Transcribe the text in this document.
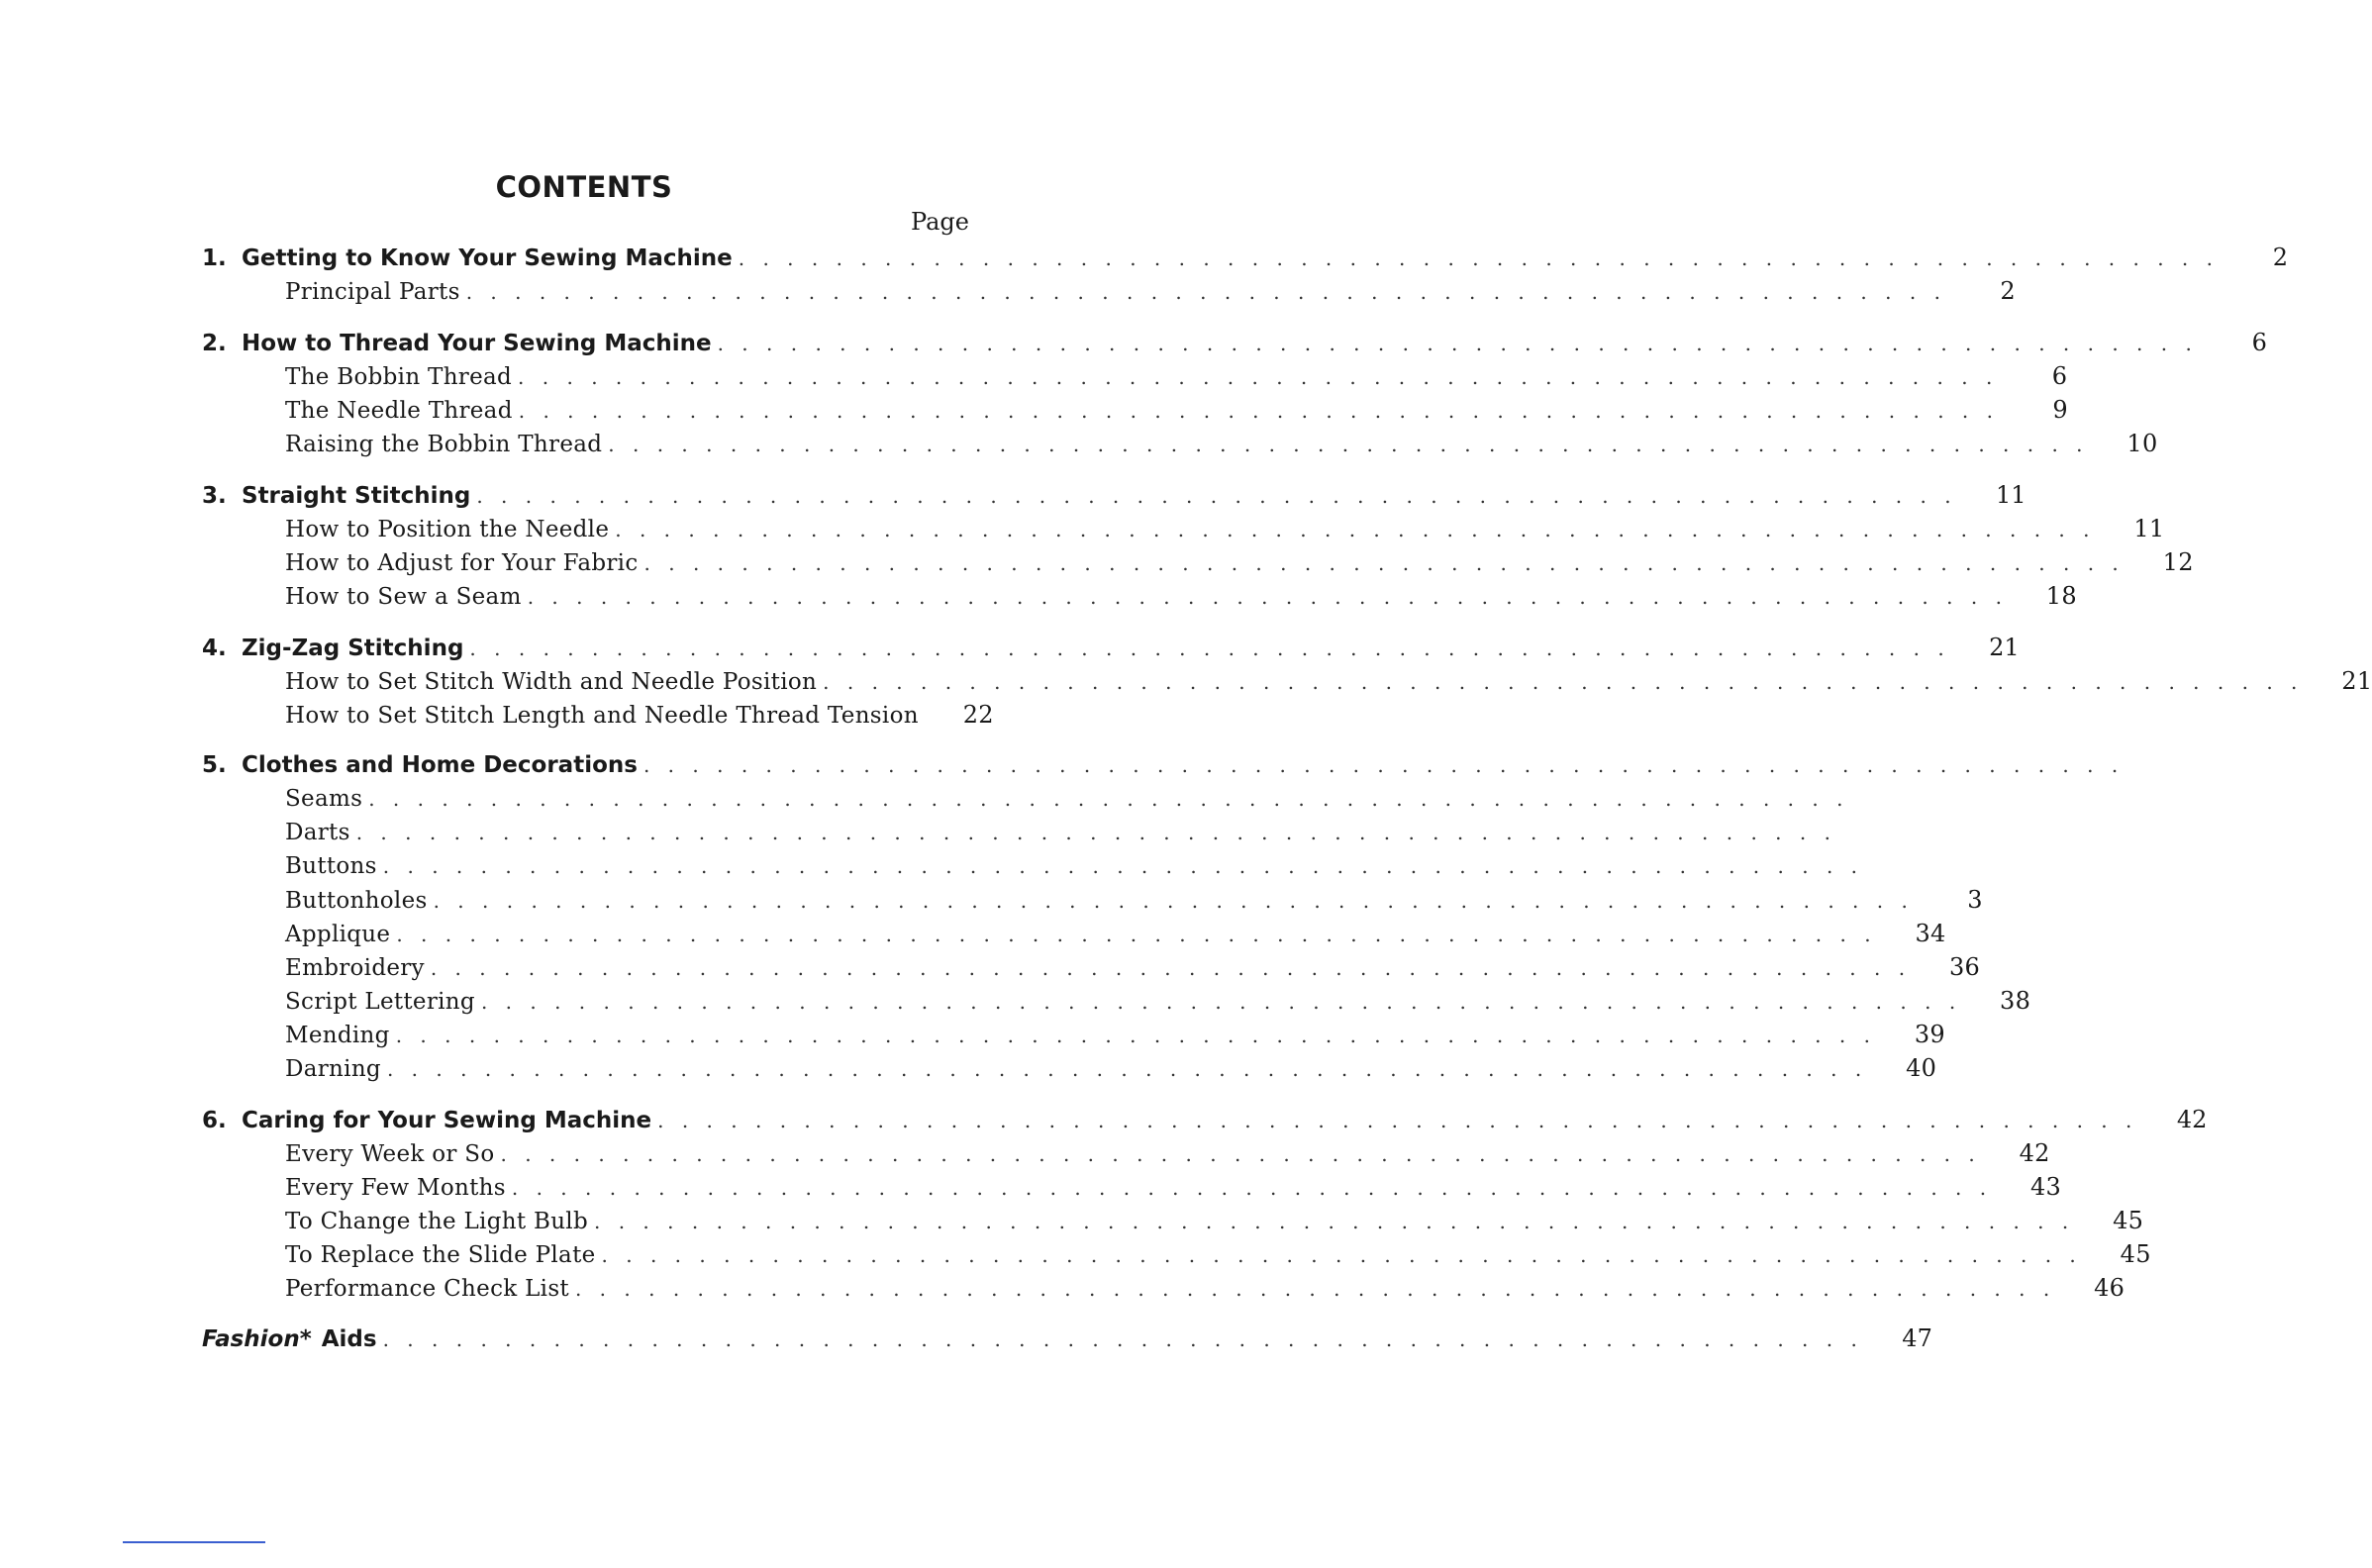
CONTENTS
Page
1. Getting to Know Your Sewing Machine . . . . . . . . . . . . . . . . . . . . . . . . . . . . . . . . . . . . . . . . . . . . . . . . . . . . . . . . . . . . .	2
Principal Parts . . . . . . . . . . . . . . . . . . . . . . . . . . . . . . . . . . . . . . . . . . . . . . . . . . . . . . . . . . . . .	2
2. How to Thread Your Sewing Machine . . . . . . . . . . . . . . . . . . . . . . . . . . . . . . . . . . . . . . . . . . . . . . . . . . . . . . . . . . . . .	6
The Bobbin Thread . . . . . . . . . . . . . . . . . . . . . . . . . . . . . . . . . . . . . . . . . . . . . . . . . . . . . . . . . . . . .	6
The Needle Thread . . . . . . . . . . . . . . . . . . . . . . . . . . . . . . . . . . . . . . . . . . . . . . . . . . . . . . . . . . . . .	9
Raising the Bobbin Thread . . . . . . . . . . . . . . . . . . . . . . . . . . . . . . . . . . . . . . . . . . . . . . . . . . . . . . . . . . . . .	10
3. Straight Stitching . . . . . . . . . . . . . . . . . . . . . . . . . . . . . . . . . . . . . . . . . . . . . . . . . . . . . . . . . . . . .	11
How to Position the Needle . . . . . . . . . . . . . . . . . . . . . . . . . . . . . . . . . . . . . . . . . . . . . . . . . . . . . . . . . . . . .	11
How to Adjust for Your Fabric . . . . . . . . . . . . . . . . . . . . . . . . . . . . . . . . . . . . . . . . . . . . . . . . . . . . . . . . . . . . .	12
How to Sew a Seam . . . . . . . . . . . . . . . . . . . . . . . . . . . . . . . . . . . . . . . . . . . . . . . . . . . . . . . . . . . . .	18
4. Zig-Zag Stitching . . . . . . . . . . . . . . . . . . . . . . . . . . . . . . . . . . . . . . . . . . . . . . . . . . . . . . . . . . . . .	21
How to Set Stitch Width and Needle Position . . . . . . . . . . . . . . . . . . . . . . . . . . . . . . . . . . . . . . . . . . . . . . . . . . . . . . . . . . . . .	21
How to Set Stitch Length and Needle Thread Tension	22
5. Clothes and Home Decorations . . . . . . . . . . . . . . . . . . . . . . . . . . . . . . . . . . . . . . . . . . . . . . . . . . . . . . . . . . . . .
Seams . . . . . . . . . . . . . . . . . . . . . . . . . . . . . . . . . . . . . . . . . . . . . . . . . . . . . . . . . . . . .
Darts . . . . . . . . . . . . . . . . . . . . . . . . . . . . . . . . . . . . . . . . . . . . . . . . . . . . . . . . . . . . .
Buttons . . . . . . . . . . . . . . . . . . . . . . . . . . . . . . . . . . . . . . . . . . . . . . . . . . . . . . . . . . . . .
Buttonholes . . . . . . . . . . . . . . . . . . . . . . . . . . . . . . . . . . . . . . . . . . . . . . . . . . . . . . . . . . . . .	3
Applique . . . . . . . . . . . . . . . . . . . . . . . . . . . . . . . . . . . . . . . . . . . . . . . . . . . . . . . . . . . . .	34
Embroidery . . . . . . . . . . . . . . . . . . . . . . . . . . . . . . . . . . . . . . . . . . . . . . . . . . . . . . . . . . . . .	36
Script Lettering . . . . . . . . . . . . . . . . . . . . . . . . . . . . . . . . . . . . . . . . . . . . . . . . . . . . . . . . . . . . .	38
Mending . . . . . . . . . . . . . . . . . . . . . . . . . . . . . . . . . . . . . . . . . . . . . . . . . . . . . . . . . . . . .	39
Darning . . . . . . . . . . . . . . . . . . . . . . . . . . . . . . . . . . . . . . . . . . . . . . . . . . . . . . . . . . . . .	40
6. Caring for Your Sewing Machine . . . . . . . . . . . . . . . . . . . . . . . . . . . . . . . . . . . . . . . . . . . . . . . . . . . . . . . . . . . . .	42
Every Week or So . . . . . . . . . . . . . . . . . . . . . . . . . . . . . . . . . . . . . . . . . . . . . . . . . . . . . . . . . . . . .	42
Every Few Months . . . . . . . . . . . . . . . . . . . . . . . . . . . . . . . . . . . . . . . . . . . . . . . . . . . . . . . . . . . . .	43
To Change the Light Bulb . . . . . . . . . . . . . . . . . . . . . . . . . . . . . . . . . . . . . . . . . . . . . . . . . . . . . . . . . . . . .	45
To Replace the Slide Plate . . . . . . . . . . . . . . . . . . . . . . . . . . . . . . . . . . . . . . . . . . . . . . . . . . . . . . . . . . . . .	45
Performance Check List . . . . . . . . . . . . . . . . . . . . . . . . . . . . . . . . . . . . . . . . . . . . . . . . . . . . . . . . . . . . .	46
Fashion* Aids . . . . . . . . . . . . . . . . . . . . . . . . . . . . . . . . . . . . . . . . . . . . . . . . . . . . . . . . . . . . .	47
